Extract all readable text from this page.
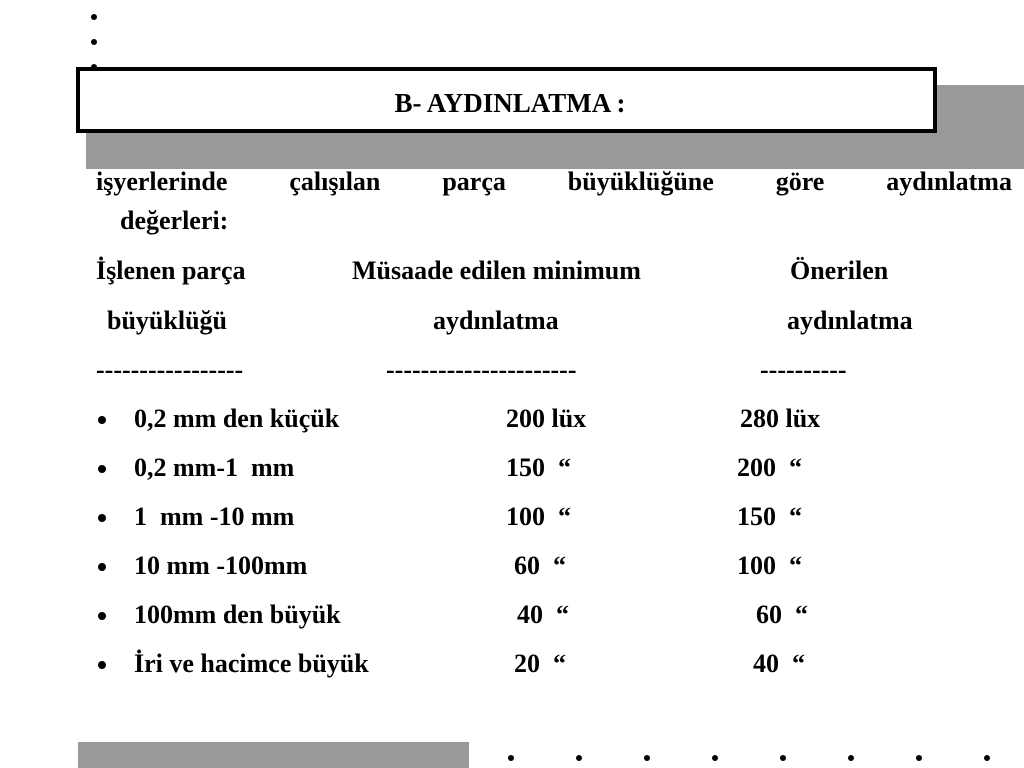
B- AYDINLATMA :
işyerlerinde çalışılan parça büyüklüğüne göre aydınlatma
değerleri:
İşlenen parça	Müsaade edilen minimum	Önerilen
büyüklüğü	aydınlatma	aydınlatma
-----------------	----------------------	----------
0,2 mm den küçük	200 lüx	280 lüx
0,2 mm-1  mm	150  “	200  “
1  mm -10 mm	100  “	150  “
10 mm -100mm	60  “	100  “
100mm den büyük	40  “	60  “
İri ve hacimce büyük	20  “	40  “
